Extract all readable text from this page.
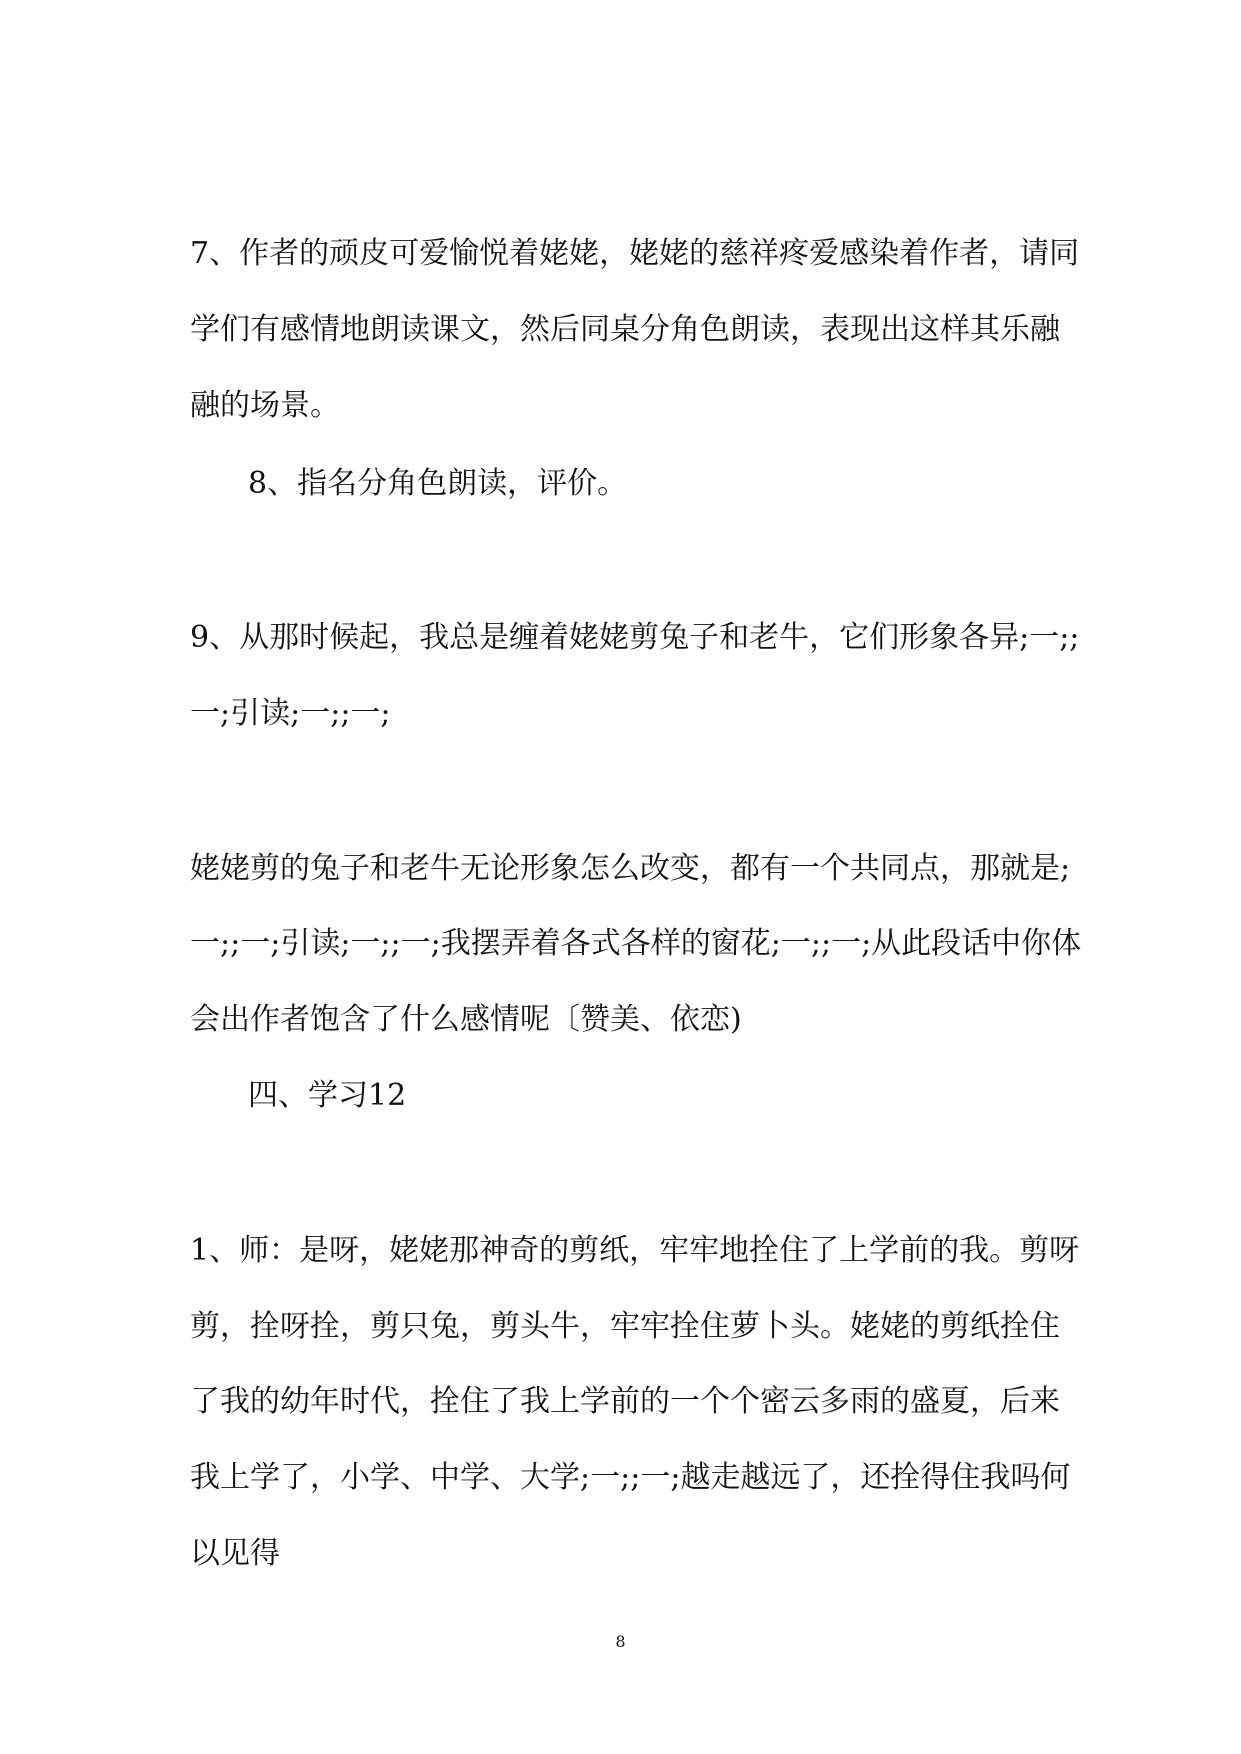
7、作者的顽皮可爱愉悦着姥姥，姥姥的慈祥疼爱感染着作者，请同
学们有感情地朗读课文，然后同桌分角色朗读，表现出这样其乐融
融的场景。
8、指名分角色朗读，评价。
9、从那时候起，我总是缠着姥姥剪兔子和老牛，它们形象各异;一;;
一;引读;一;;一;
姥姥剪的兔子和老牛无论形象怎么改变，都有一个共同点，那就是;
一;;一;引读;一;;一;我摆弄着各式各样的窗花;一;;一;从此段话中你体
会出作者饱含了什么感情呢〔赞美、依恋)
四、学习12
1、师：是呀，姥姥那神奇的剪纸，牢牢地拴住了上学前的我。剪呀
剪，拴呀拴，剪只兔，剪头牛，牢牢拴住萝卜头。姥姥的剪纸拴住
了我的幼年时代，拴住了我上学前的一个个密云多雨的盛夏，后来
我上学了，小学、中学、大学;一;;一;越走越远了，还拴得住我吗何
以见得
8
